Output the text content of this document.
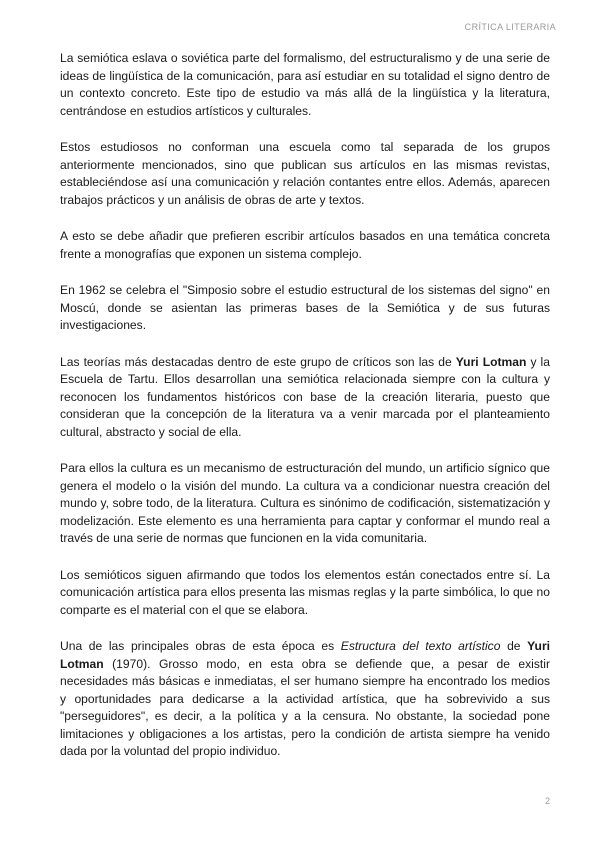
CRÍTICA LITERARIA

La semiótica eslava o soviética parte del formalismo, del estructuralismo y de una serie de ideas de lingüística de la comunicación, para así estudiar en su totalidad el signo dentro de un contexto concreto. Este tipo de estudio va más allá de la lingüística y la literatura, centrándose en estudios artísticos y culturales.

Estos estudiosos no conforman una escuela como tal separada de los grupos anteriormente mencionados, sino que publican sus artículos en las mismas revistas, estableciéndose así una comunicación y relación contantes entre ellos. Además, aparecen trabajos prácticos y un análisis de obras de arte y textos.

A esto se debe añadir que prefieren escribir artículos basados en una temática concreta frente a monografías que exponen un sistema complejo.

En 1962 se celebra el "Simposio sobre el estudio estructural de los sistemas del signo" en Moscú, donde se asientan las primeras bases de la Semiótica y de sus futuras investigaciones.

Las teorías más destacadas dentro de este grupo de críticos son las de Yuri Lotman y la Escuela de Tartu. Ellos desarrollan una semiótica relacionada siempre con la cultura y reconocen los fundamentos históricos con base de la creación literaria, puesto que consideran que la concepción de la literatura va a venir marcada por el planteamiento cultural, abstracto y social de ella.

Para ellos la cultura es un mecanismo de estructuración del mundo, un artificio sígnico que genera el modelo o la visión del mundo. La cultura va a condicionar nuestra creación del mundo y, sobre todo, de la literatura. Cultura es sinónimo de codificación, sistematización y modelización. Este elemento es una herramienta para captar y conformar el mundo real a través de una serie de normas que funcionen en la vida comunitaria.

Los semióticos siguen afirmando que todos los elementos están conectados entre sí. La comunicación artística para ellos presenta las mismas reglas y la parte simbólica, lo que no comparte es el material con el que se elabora.

Una de las principales obras de esta época es Estructura del texto artístico de Yuri Lotman (1970). Grosso modo, en esta obra se defiende que, a pesar de existir necesidades más básicas e inmediatas, el ser humano siempre ha encontrado los medios y oportunidades para dedicarse a la actividad artística, que ha sobrevivido a sus "perseguidores", es decir, a la política y a la censura. No obstante, la sociedad pone limitaciones y obligaciones a los artistas, pero la condición de artista siempre ha venido dada por la voluntad del propio individuo.

2
